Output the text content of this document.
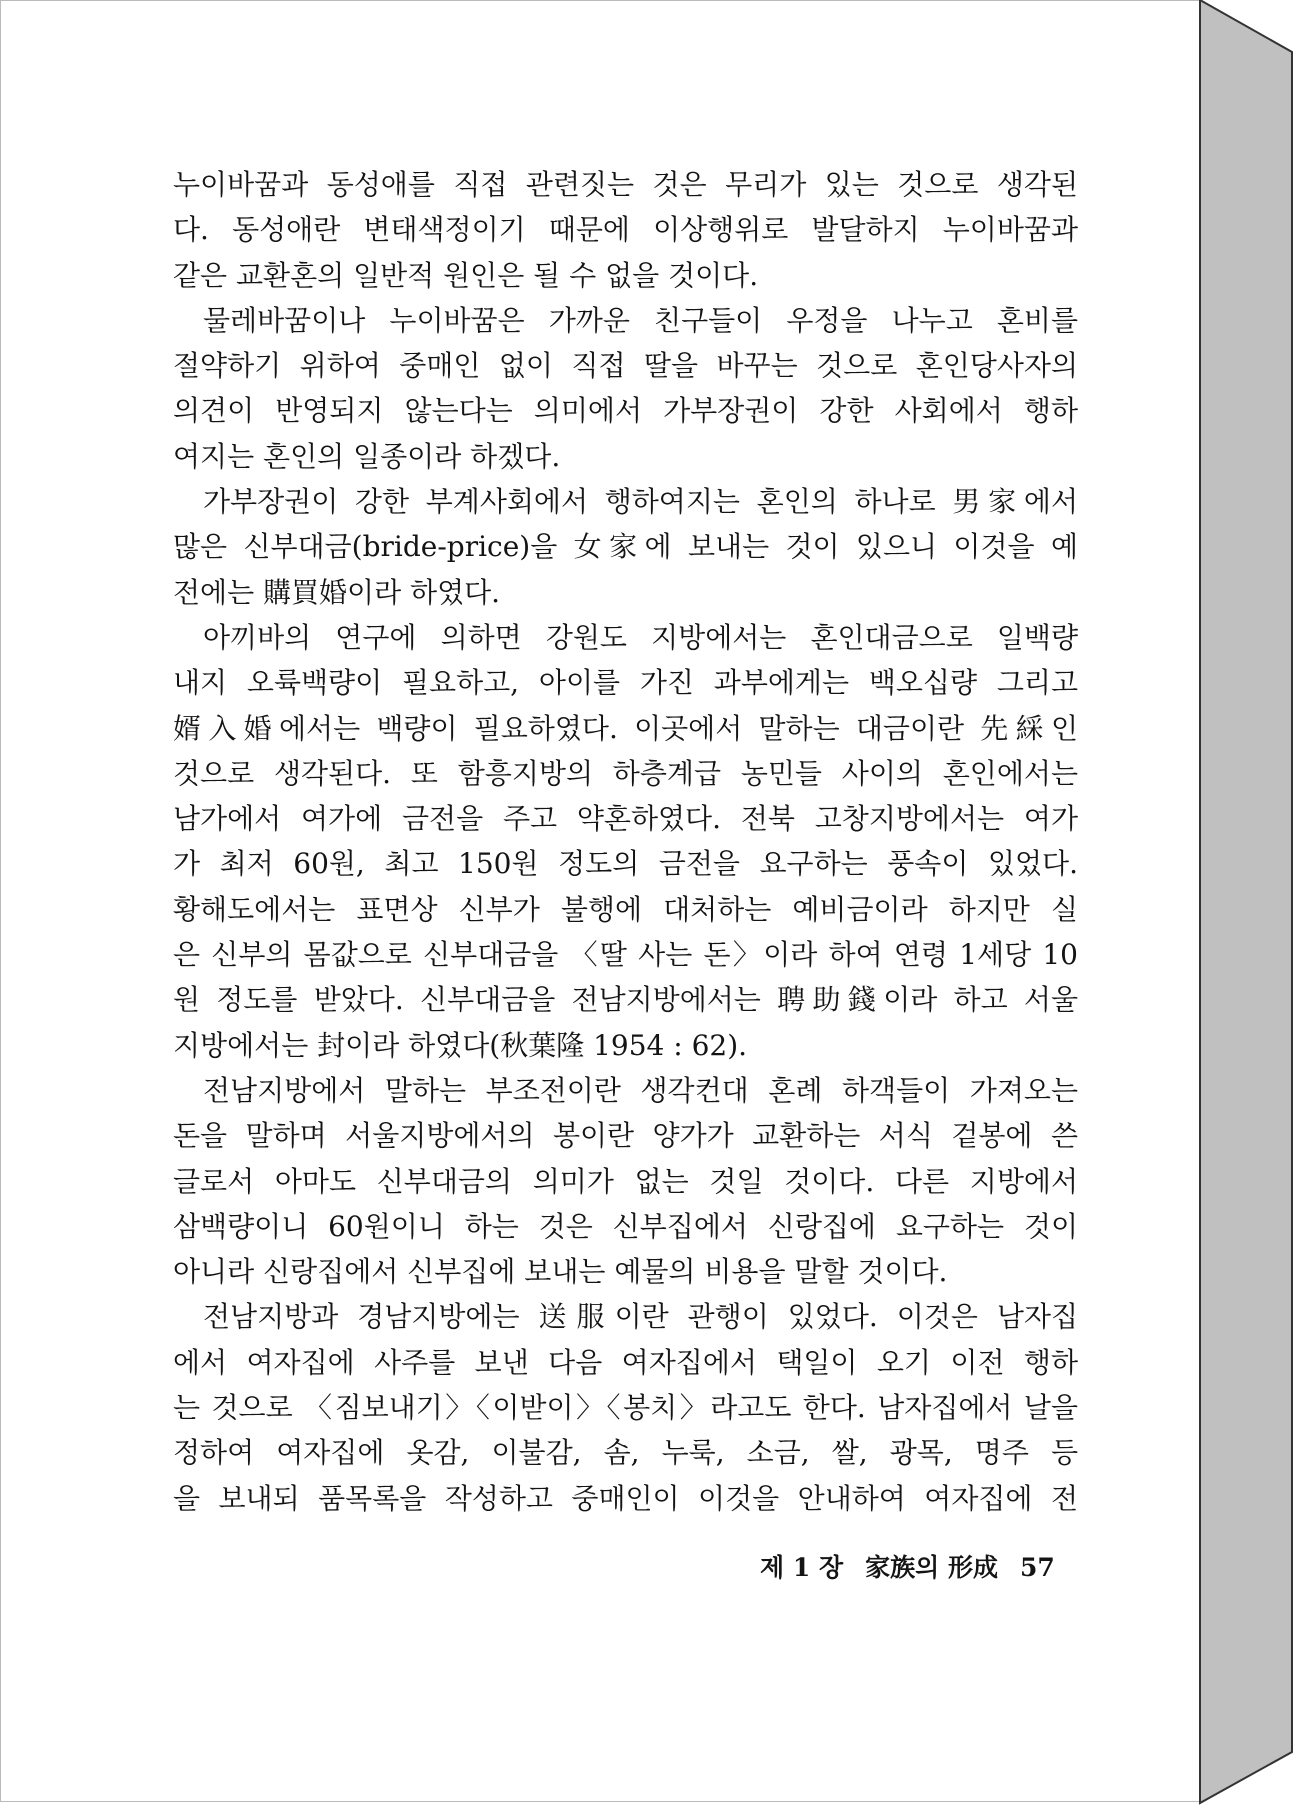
누이바꿈과 동성애를 직접 관련짓는 것은 무리가 있는 것으로 생각된
다. 동성애란 변태색정이기 때문에 이상행위로 발달하지 누이바꿈과
같은 교환혼의 일반적 원인은 될 수 없을 것이다.
물레바꿈이나 누이바꿈은 가까운 친구들이 우정을 나누고 혼비를
절약하기 위하여 중매인 없이 직접 딸을 바꾸는 것으로 혼인당사자의
의견이 반영되지 않는다는 의미에서 가부장권이 강한 사회에서 행하
여지는 혼인의 일종이라 하겠다.
가부장권이 강한 부계사회에서 행하여지는 혼인의 하나로 男家에서
많은 신부대금(bride-price)을 女家에 보내는 것이 있으니 이것을 예
전에는 購買婚이라 하였다.
아끼바의 연구에 의하면 강원도 지방에서는 혼인대금으로 일백량
내지 오륙백량이 필요하고, 아이를 가진 과부에게는 백오십량 그리고
婿入婚에서는 백량이 필요하였다. 이곳에서 말하는 대금이란 先綵인
것으로 생각된다. 또 함흥지방의 하층계급 농민들 사이의 혼인에서는
남가에서 여가에 금전을 주고 약혼하였다. 전북 고창지방에서는 여가
가 최저 60원, 최고 150원 정도의 금전을 요구하는 풍속이 있었다.
황해도에서는 표면상 신부가 불행에 대처하는 예비금이라 하지만 실
은 신부의 몸값으로 신부대금을 〈딸 사는 돈〉이라 하여 연령 1세당 10
원 정도를 받았다. 신부대금을 전남지방에서는 聘助錢이라 하고 서울
지방에서는 封이라 하였다(秋葉隆 1954 : 62).
전남지방에서 말하는 부조전이란 생각컨대 혼례 하객들이 가져오는
돈을 말하며 서울지방에서의 봉이란 양가가 교환하는 서식 겉봉에 쓴
글로서 아마도 신부대금의 의미가 없는 것일 것이다. 다른 지방에서
삼백량이니 60원이니 하는 것은 신부집에서 신랑집에 요구하는 것이
아니라 신랑집에서 신부집에 보내는 예물의 비용을 말할 것이다.
전남지방과 경남지방에는 送服이란 관행이 있었다. 이것은 남자집
에서 여자집에 사주를 보낸 다음 여자집에서 택일이 오기 이전 행하
는 것으로 〈짐보내기〉〈이받이〉〈봉치〉라고도 한다. 남자집에서 날을
정하여 여자집에 옷감, 이불감, 솜, 누룩, 소금, 쌀, 광목, 명주 등
을 보내되 품목록을 작성하고 중매인이 이것을 안내하여 여자집에 전
제 1 장 家族의 形成 57
